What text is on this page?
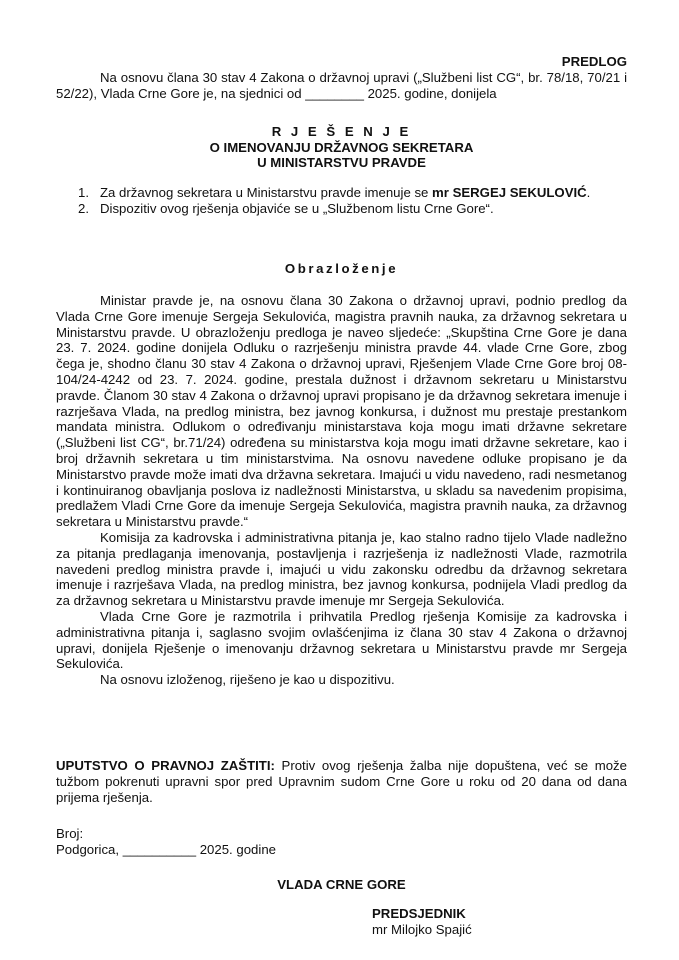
PREDLOG
Na osnovu člana 30 stav 4 Zakona o državnoj upravi („Službeni list CG“, br. 78/18, 70/21 i 52/22), Vlada Crne Gore je, na sjednici od ________ 2025. godine, donijela
R J E Š E N J E
O IMENOVANJU DRŽAVNOG SEKRETARA
U MINISTARSTVU PRAVDE
1. Za državnog sekretara u Ministarstvu pravde imenuje se mr SERGEJ SEKULOVIĆ.
2. Dispozitiv ovog rješenja objaviće se u „Službenom listu Crne Gore“.
Obrazloženje

Ministar pravde je, na osnovu člana 30 Zakona o državnoj upravi, podnio predlog da Vlada Crne Gore imenuje Sergeja Sekulovića, magistra pravnih nauka, za državnog sekretara u Ministarstvu pravde. U obrazloženju predloga je naveo sljedeće: „Skupština Crne Gore je dana 23. 7. 2024. godine donijela Odluku o razrješenju ministra pravde 44. vlade Crne Gore, zbog čega je, shodno članu 30 stav 4 Zakona o državnoj upravi, Rješenjem Vlade Crne Gore broj 08-104/24-4242 od 23. 7. 2024. godine, prestala dužnost i državnom sekretaru u Ministarstvu pravde. Članom 30 stav 4 Zakona o državnoj upravi propisano je da državnog sekretara imenuje i razrješava Vlada, na predlog ministra, bez javnog konkursa, i dužnost mu prestaje prestankom mandata ministra. Odlukom o određivanju ministarstava koja mogu imati državne sekretare („Službeni list CG“, br.71/24) određena su ministarstva koja mogu imati državne sekretare, kao i broj državnih sekretara u tim ministarstvima. Na osnovu navedene odluke propisano je da Ministarstvo pravde može imati dva državna sekretara. Imajući u vidu navedeno, radi nesmetanog i kontinuiranog obavljanja poslova iz nadležnosti Ministarstva, u skladu sa navedenim propisima, predlažem Vladi Crne Gore da imenuje Sergeja Sekulovića, magistra pravnih nauka, za državnog sekretara u Ministarstvu pravde.“

Komisija za kadrovska i administrativna pitanja je, kao stalno radno tijelo Vlade nadležno za pitanja predlaganja imenovanja, postavljenja i razrješenja iz nadležnosti Vlade, razmotrila navedeni predlog ministra pravde i, imajući u vidu zakonsku odredbu da državnog sekretara imenuje i razrješava Vlada, na predlog ministra, bez javnog konkursa, podnijela Vladi predlog da za državnog sekretara u Ministarstvu pravde imenuje mr Sergeja Sekulovića.

Vlada Crne Gore je razmotrila i prihvatila Predlog rješenja Komisije za kadrovska i administrativna pitanja i, saglasno svojim ovlašćenjima iz člana 30 stav 4 Zakona o državnoj upravi, donijela Rješenje o imenovanju državnog sekretara u Ministarstvu pravde mr Sergeja Sekulovića.

Na osnovu izloženog, riješeno je kao u dispozitivu.

UPUTSTVO O PRAVNOJ ZAŠTITI: Protiv ovog rješenja žalba nije dopuštena, već se može tužbom pokrenuti upravni spor pred Upravnim sudom Crne Gore u roku od 20 dana od dana prijema rješenja.
Broj:
Podgorica, __________ 2025. godine
VLADA CRNE GORE
PREDSJEDNIK
mr Milojko Spajić
